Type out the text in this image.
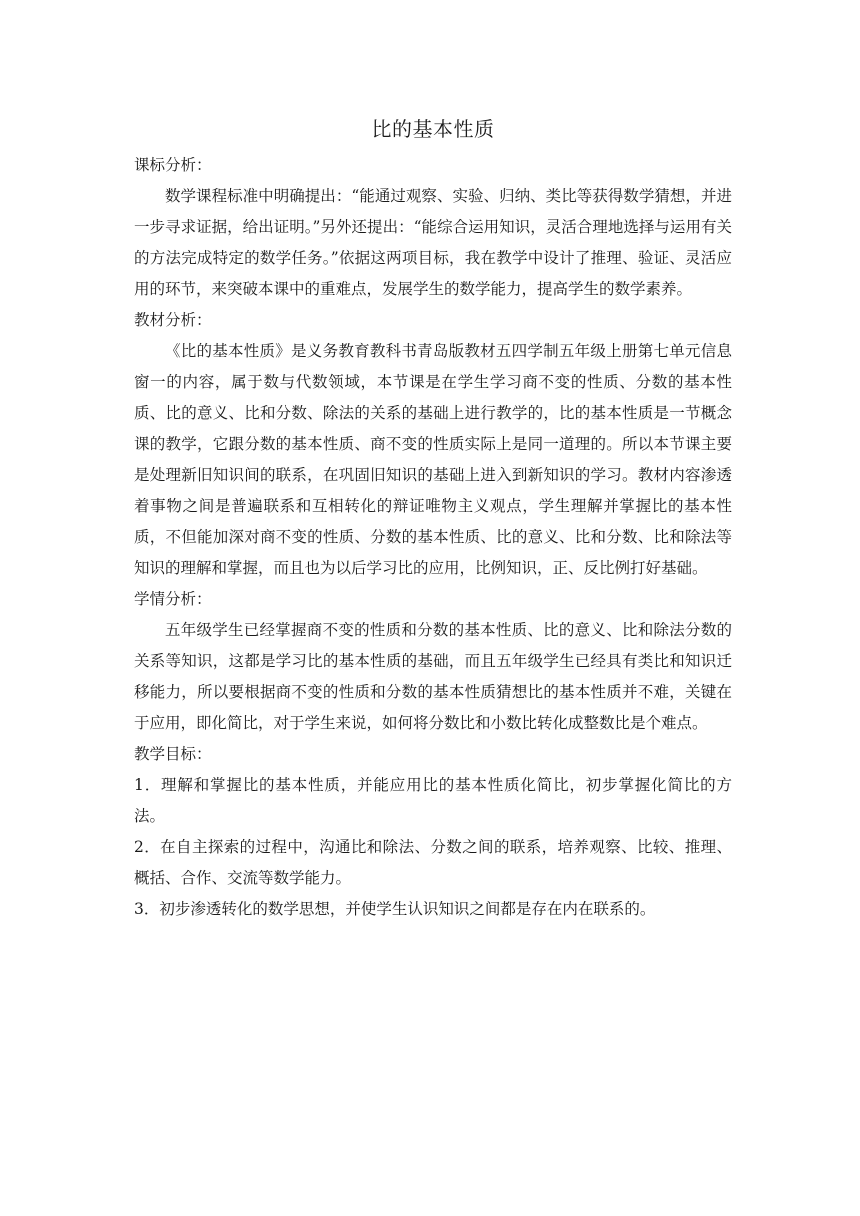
比的基本性质
课标分析：

数学课程标准中明确提出：“能通过观察、实验、归纳、类比等获得数学猜想，并进一步寻求证据，给出证明。”另外还提出：“能综合运用知识，灵活合理地选择与运用有关的方法完成特定的数学任务。”依据这两项目标，我在教学中设计了推理、验证、灵活应用的环节，来突破本课中的重难点，发展学生的数学能力，提高学生的数学素养。

教材分析：

《比的基本性质》是义务教育教科书青岛版教材五四学制五年级上册第七单元信息窗一的内容，属于数与代数领域，本节课是在学生学习商不变的性质、分数的基本性质、比的意义、比和分数、除法的关系的基础上进行教学的，比的基本性质是一节概念课的教学，它跟分数的基本性质、商不变的性质实际上是同一道理的。所以本节课主要是处理新旧知识间的联系，在巩固旧知识的基础上进入到新知识的学习。教材内容渗透着事物之间是普遍联系和互相转化的辩证唯物主义观点，学生理解并掌握比的基本性质，不但能加深对商不变的性质、分数的基本性质、比的意义、比和分数、比和除法等知识的理解和掌握，而且也为以后学习比的应用，比例知识，正、反比例打好基础。

学情分析：

五年级学生已经掌握商不变的性质和分数的基本性质、比的意义、比和除法分数的关系等知识，这都是学习比的基本性质的基础，而且五年级学生已经具有类比和知识迁移能力，所以要根据商不变的性质和分数的基本性质猜想比的基本性质并不难，关键在于应用，即化简比，对于学生来说，如何将分数比和小数比转化成整数比是个难点。

教学目标：

1．理解和掌握比的基本性质，并能应用比的基本性质化简比，初步掌握化简比的方法。

2．在自主探索的过程中，沟通比和除法、分数之间的联系，培养观察、比较、推理、概括、合作、交流等数学能力。

3．初步渗透转化的数学思想，并使学生认识知识之间都是存在内在联系的。
